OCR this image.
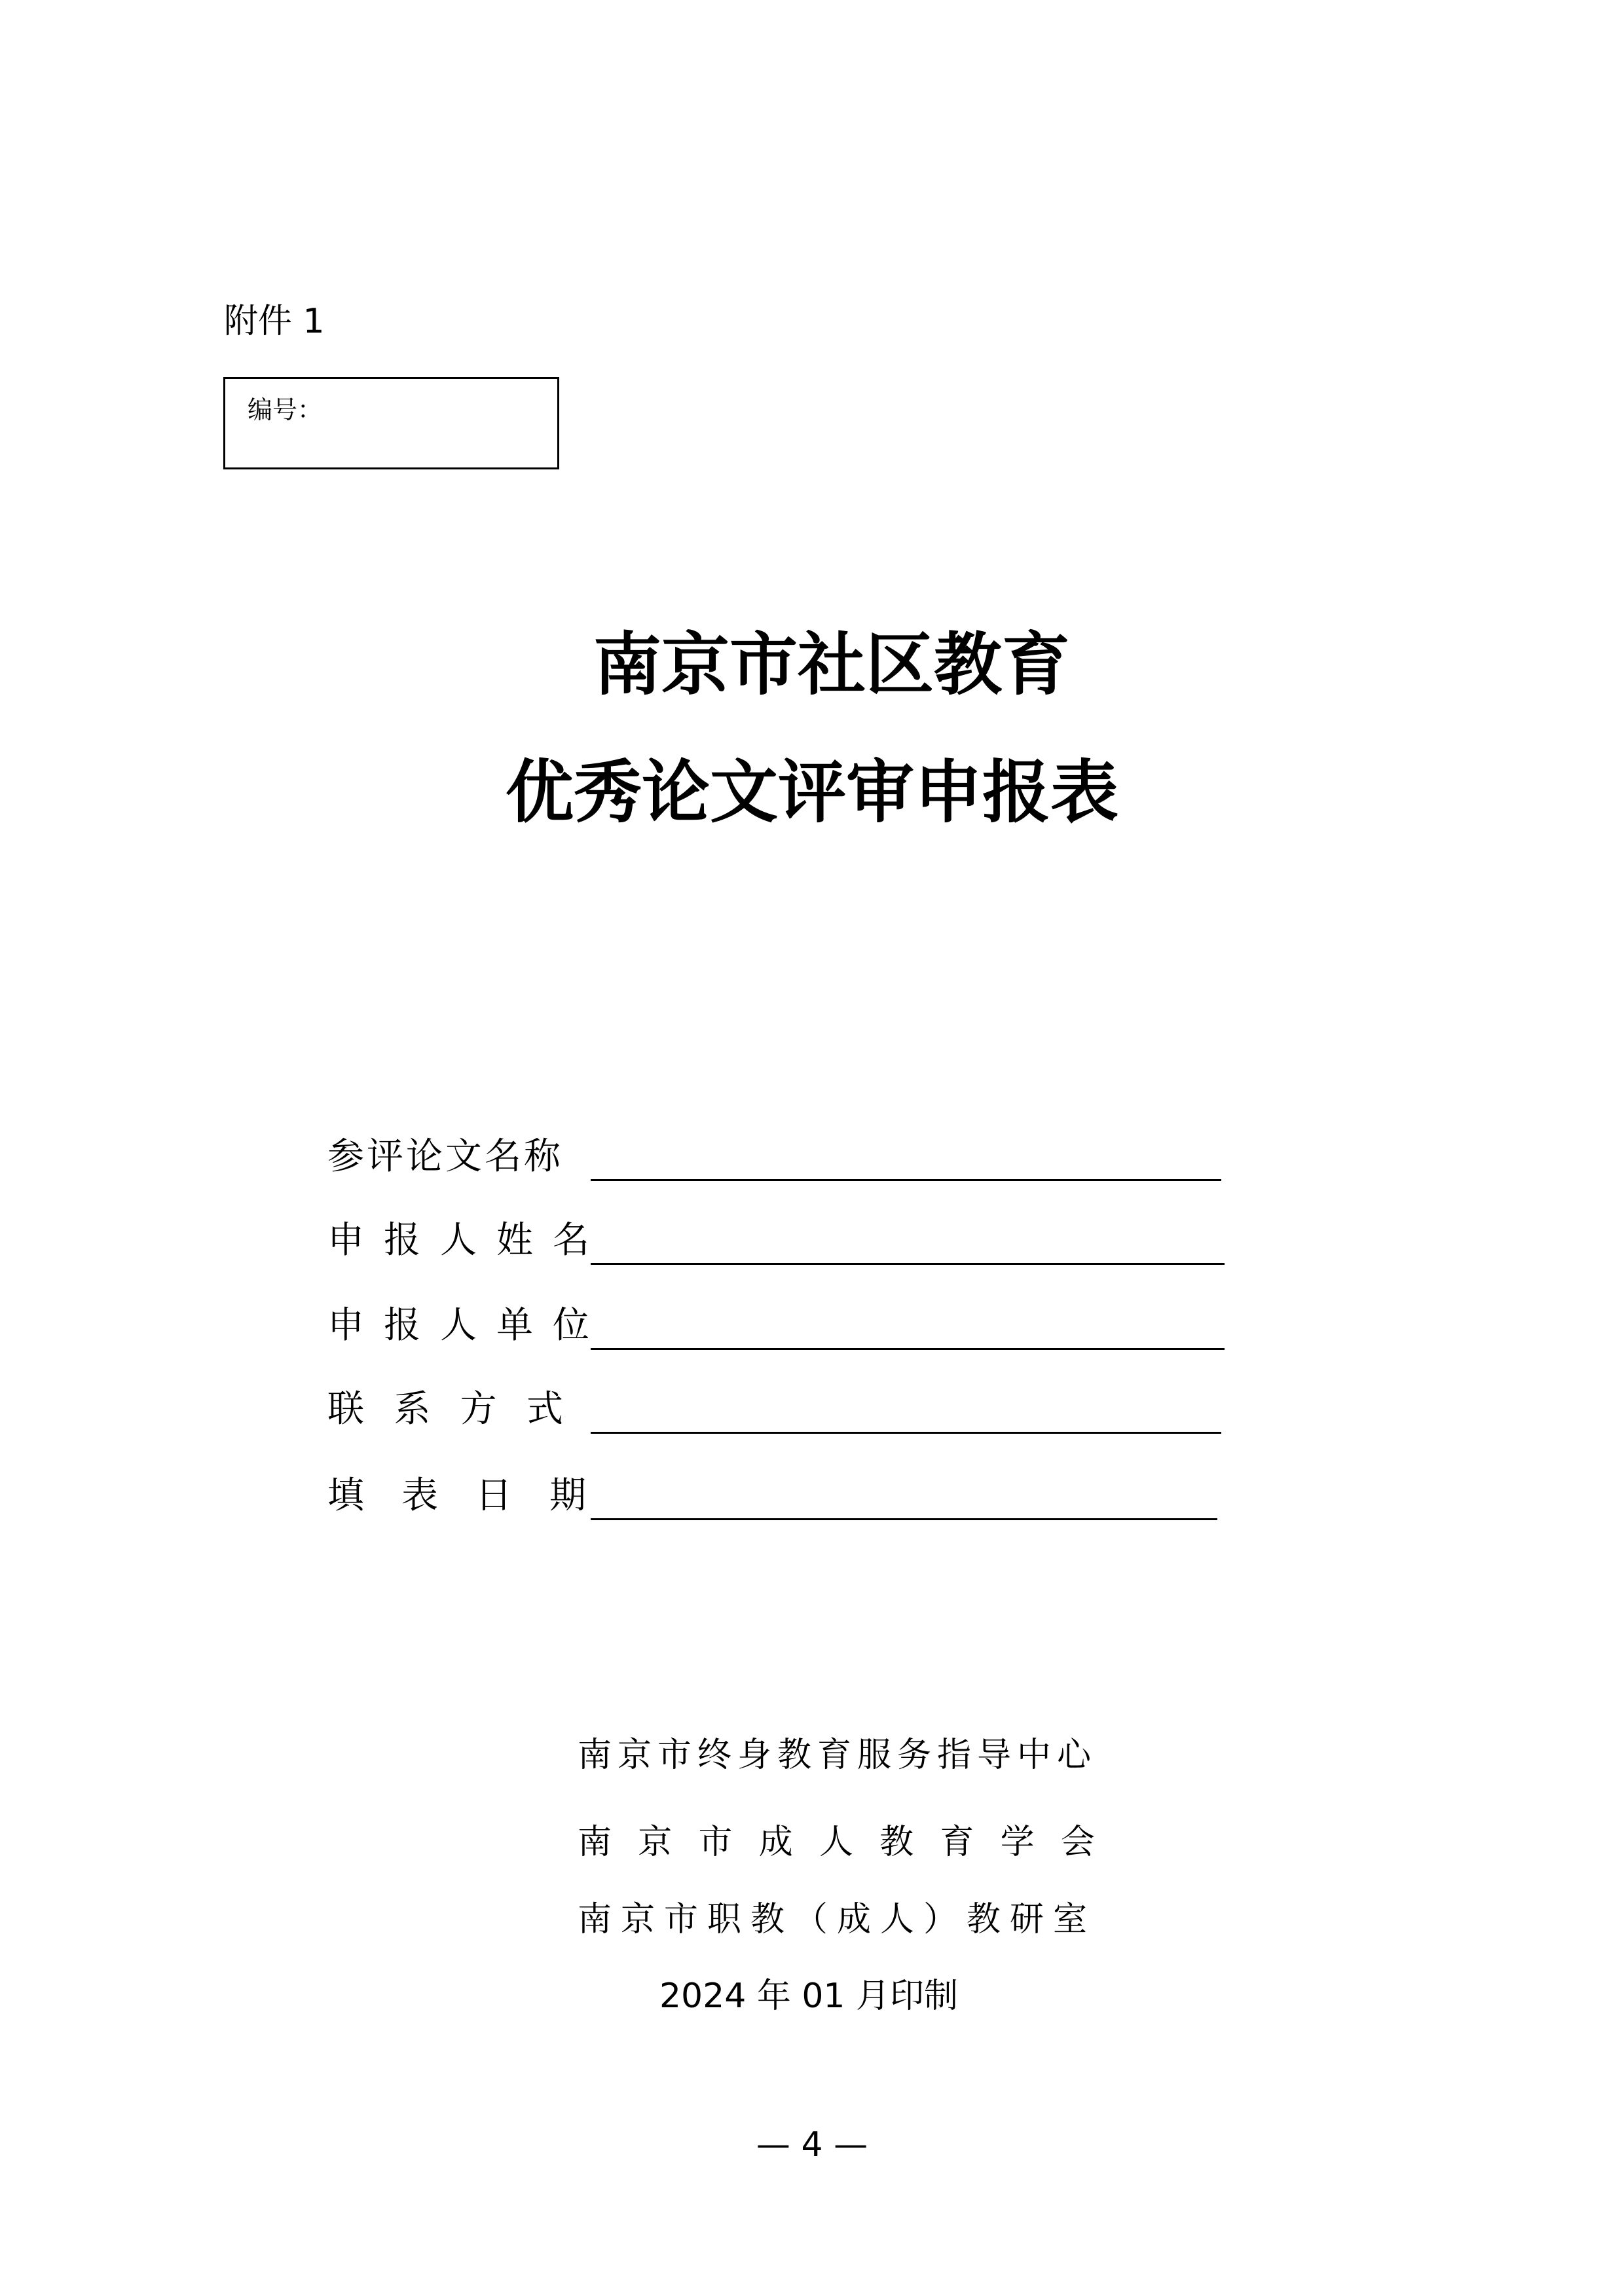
附件 1
编号：
南京市社区教育
优秀论文评审申报表
参评论文名称
申 报 人 姓 名
申 报 人 单 位
联 系 方 式
填 表 日 期
南京市终身教育服务指导中心
南 京 市 成 人 教 育 学 会
南京市职教（成人）教研室
2024 年 01 月印制
— 4 —
